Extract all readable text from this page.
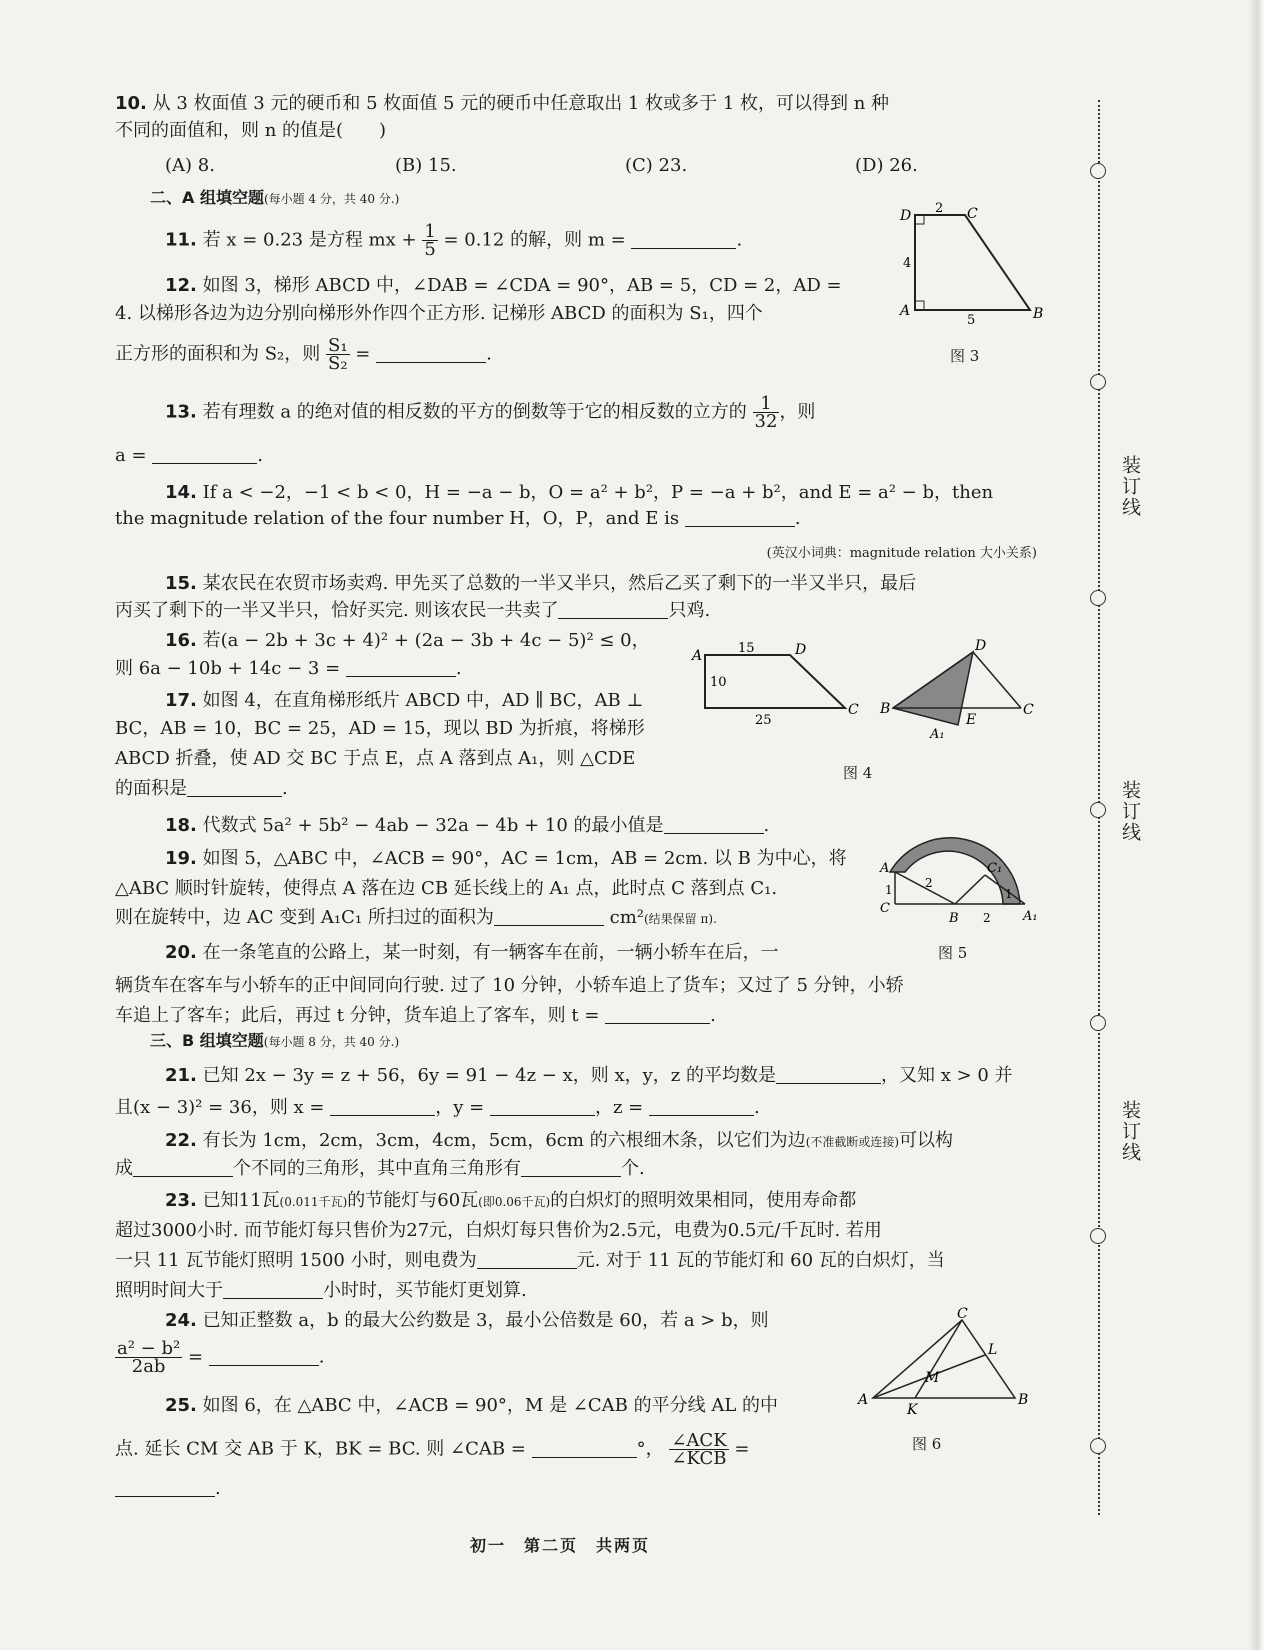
10. 从 3 枚面值 3 元的硬币和 5 枚面值 5 元的硬币中任意取出 1 枚或多于 1 枚，可以得到 n 种
不同的面值和，则 n 的值是(　　)
(A) 8.	(B) 15.	(C) 23.	(D) 26.
二、A 组填空题(每小题 4 分，共 40 分.)
11. 若 x = 0.23 是方程 mx + $\frac{1}{5} = 0.12$ 的解，则 m =	.
12. 如图 3，梯形 ABCD 中，∠DAB = ∠CDA = 90°，AB = 5，CD = 2，AD =
4. 以梯形各边为边分别向梯形外作四个正方形. 记梯形 ABCD 的面积为 S₁，四个
正方形的面积和为 S₂，则 $\frac{\text{S₁}}{\text{S₂}}$ =	.
13. 若有理数 a 的绝对值的相反数的平方的倒数等于它的相反数的立方的 $\frac{1}{32}$ ，则
a =	.
14. If a < −2，−1 < b < 0，H = −a − b，O = a² + b²，P = −a + b²，and E = a² − b，then
the magnitude relation of the four number H，O，P，and E is	.
(英汉小词典：magnitude relation 大小关系)
15. 某农民在农贸市场卖鸡. 甲先买了总数的一半又半只，然后乙买了剩下的一半又半只，最后
丙买了剩下的一半又半只，恰好买完. 则该农民一共卖了	只鸡.
16. 若(a − 2b + 3c + 4)² + (2a − 3b + 4c − 5)² ≤ 0，
则 6a − 10b + 14c − 3 =	.
17. 如图 4，在直角梯形纸片 ABCD 中，AD ∥ BC，AB ⊥
BC，AB = 10，BC = 25，AD = 15，现以 BD 为折痕，将梯形
ABCD 折叠，使 AD 交 BC 于点 E，点 A 落到点 A₁，则 △CDE
的面积是	.
18. 代数式 5a² + 5b² − 4ab − 32a − 4b + 10 的最小值是	.
19. 如图 5，△ABC 中，∠ACB = 90°，AC = 1cm，AB = 2cm. 以 B 为中心，将
△ABC 顺时针旋转，使得点 A 落在边 CB 延长线上的 A₁ 点，此时点 C 落到点 C₁.
则在旋转中，边 AC 变到 A₁C₁ 所扫过的面积为	cm²(结果保留 π).
20. 在一条笔直的公路上，某一时刻，有一辆客车在前，一辆小轿车在后，一
辆货车在客车与小轿车的正中间同向行驶. 过了 10 分钟，小轿车追上了货车；又过了 5 分钟，小轿
车追上了客车；此后，再过 t 分钟，货车追上了客车，则 t =	.
三、B 组填空题(每小题 8 分，共 40 分.)
21. 已知 2x − 3y = z + 56，6y = 91 − 4z − x，则 x，y，z 的平均数是	，又知 x > 0 并
且(x − 3)² = 36，则 x =	，y =	，z =	.
22. 有长为 1cm，2cm，3cm，4cm，5cm，6cm 的六根细木条，以它们为边(不准截断或连接)可以构
成	个不同的三角形，其中直角三角形有	个.
23. 已知11瓦(0.011千瓦)的节能灯与60瓦(即0.06千瓦)的白炽灯的照明效果相同，使用寿命都
超过3000小时. 而节能灯每只售价为27元，白炽灯每只售价为2.5元，电费为0.5元/千瓦时. 若用
一只 11 瓦节能灯照明 1500 小时，则电费为	元. 对于 11 瓦的节能灯和 60 瓦的白炽灯，当
照明时间大于	小时时，买节能灯更划算.
24. 已知正整数 a，b 的最大公约数是 3，最小公倍数是 60，若 a > b，则
$\frac{\text{a² − b²}}{2ab}$ =	.
25. 如图 6，在 △ABC 中，∠ACB = 90°，M 是 ∠CAB 的平分线 AL 的中
点. 延长 CM 交 AB 于 K，BK = BC. 则 ∠CAB =	°， $\frac{\text{∠ACK}}{\text{∠KCB}}$ =
.
D	C
A	B
2
4
5
图 3
A	D
C
15
10
25
B
D
C
E
A₁
图 4
A	C₁
C
B	A₁
2
1	1
2
图 5
C
L
M
A
K
B
图 6
装订线
装订线
装订线
初一　第二页　共两页
